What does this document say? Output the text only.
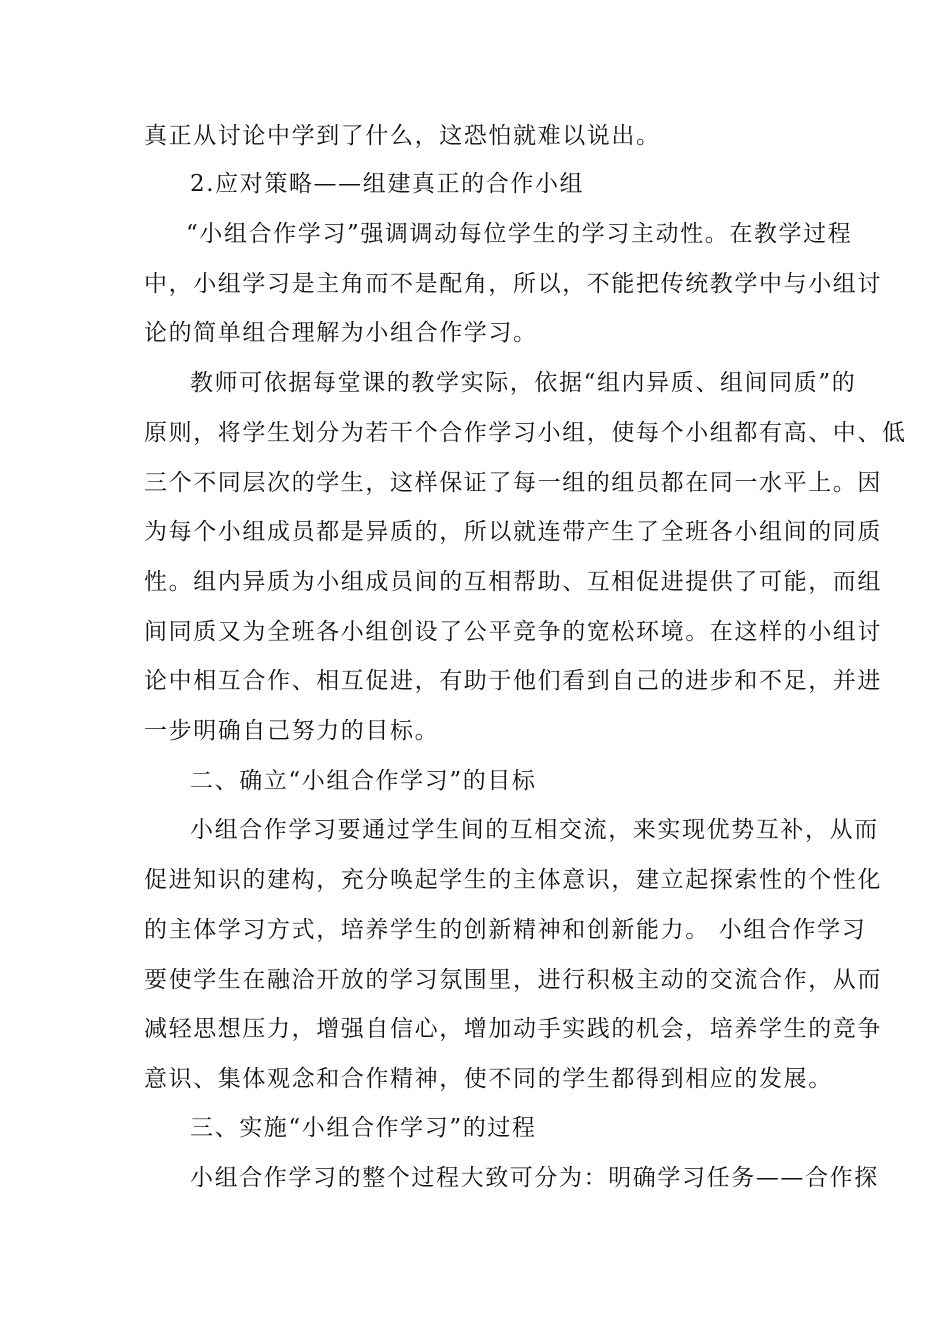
真正从讨论中学到了什么，这恐怕就难以说出。
2.应对策略——组建真正的合作小组
“小组合作学习”强调调动每位学生的学习主动性。在教学过程
中，小组学习是主角而不是配角，所以，不能把传统教学中与小组讨
论的简单组合理解为小组合作学习。
教师可依据每堂课的教学实际，依据“组内异质、组间同质”的
原则，将学生划分为若干个合作学习小组，使每个小组都有高、中、低
三个不同层次的学生，这样保证了每一组的组员都在同一水平上。因
为每个小组成员都是异质的，所以就连带产生了全班各小组间的同质
性。组内异质为小组成员间的互相帮助、互相促进提供了可能，而组
间同质又为全班各小组创设了公平竞争的宽松环境。在这样的小组讨
论中相互合作、相互促进，有助于他们看到自己的进步和不足，并进
一步明确自己努力的目标。
二、确立“小组合作学习”的目标
小组合作学习要通过学生间的互相交流，来实现优势互补，从而
促进知识的建构，充分唤起学生的主体意识，建立起探索性的个性化
的主体学习方式，培养学生的创新精神和创新能力。 小组合作学习
要使学生在融洽开放的学习氛围里，进行积极主动的交流合作，从而
减轻思想压力，增强自信心，增加动手实践的机会，培养学生的竞争
意识、集体观念和合作精神，使不同的学生都得到相应的发展。
三、实施“小组合作学习”的过程
小组合作学习的整个过程大致可分为：明确学习任务——合作探
